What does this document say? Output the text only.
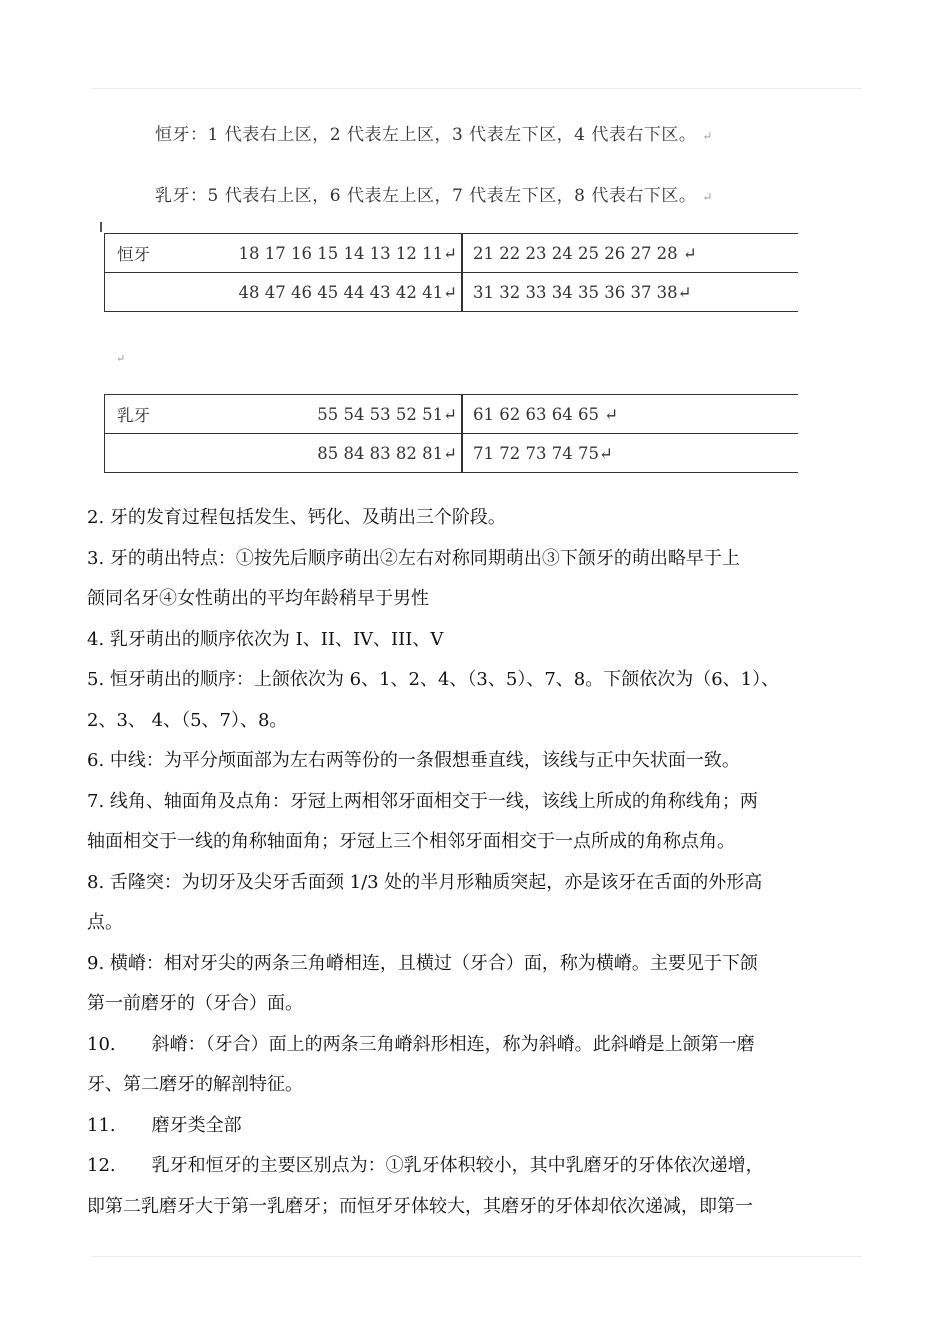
恒牙：1 代表右上区，2 代表左上区，3 代表左下区，4 代表右下区。 ↵
乳牙：5 代表右上区，6 代表左上区，7 代表左下区，8 代表右下区。 ↵
恒牙	18 17 16 15 14 13 12 11↵	21 22 23 24 25 26 27 28 ↵
	48 47 46 45 44 43 42 41↵	31 32 33 34 35 36 37 38↵
↵
乳牙	55 54 53 52 51↵	61 62 63 64 65 ↵
	85 84 83 82 81↵	71 72 73 74 75↵

2. 牙的发育过程包括发生、钙化、及萌出三个阶段。

3. 牙的萌出特点：①按先后顺序萌出②左右对称同期萌出③下颌牙的萌出略早于上

颌同名牙④女性萌出的平均年龄稍早于男性

4. 乳牙萌出的顺序依次为 I、II、IV、III、V

5. 恒牙萌出的顺序：上颌依次为 6、1、2、4、（3、5）、7、8。下颌依次为（6、1）、

2、3、 4、（5、7）、8。

6. 中线：为平分颅面部为左右两等份的一条假想垂直线，该线与正中矢状面一致。

7. 线角、轴面角及点角：牙冠上两相邻牙面相交于一线，该线上所成的角称线角；两

轴面相交于一线的角称轴面角；牙冠上三个相邻牙面相交于一点所成的角称点角。

8. 舌隆突：为切牙及尖牙舌面颈 1/3 处的半月形釉质突起，亦是该牙在舌面的外形高

点。

9. 横嵴：相对牙尖的两条三角嵴相连，且横过（牙合）面，称为横嵴。主要见于下颌

第一前磨牙的（牙合）面。

10. 斜嵴：（牙合）面上的两条三角嵴斜形相连，称为斜嵴。此斜嵴是上颌第一磨

牙、第二磨牙的解剖特征。

11. 磨牙类全部

12. 乳牙和恒牙的主要区别点为：①乳牙体积较小，其中乳磨牙的牙体依次递增，

即第二乳磨牙大于第一乳磨牙；而恒牙牙体较大，其磨牙的牙体却依次递减，即第一
